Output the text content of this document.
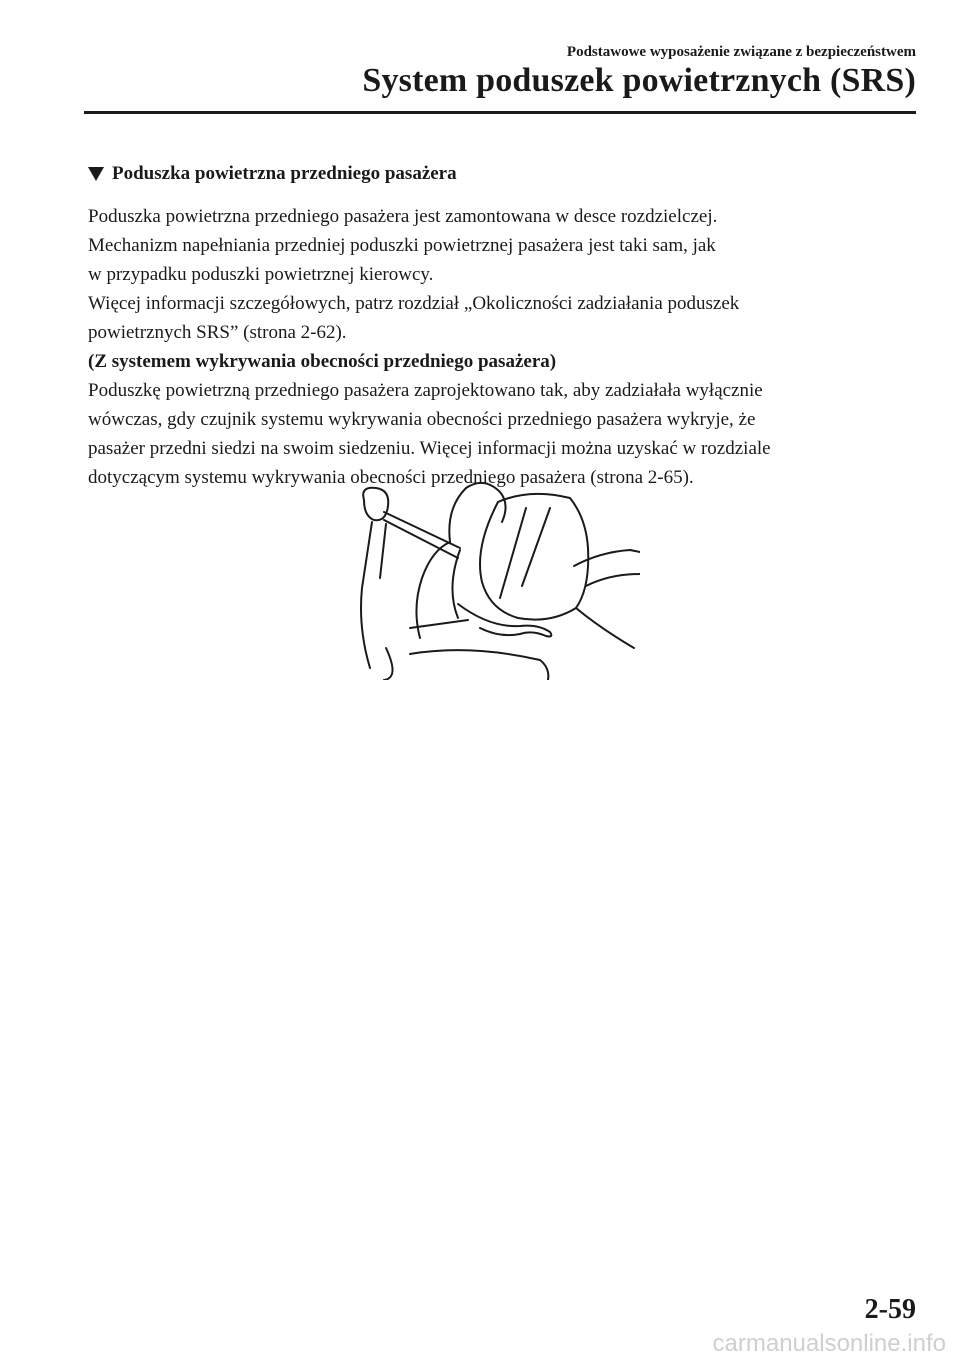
Podstawowe wyposażenie związane z bezpieczeństwem
System poduszek powietrznych (SRS)
Poduszka powietrzna przedniego pasażera

Poduszka powietrzna przedniego pasażera jest zamontowana w desce rozdzielczej.

Mechanizm napełniania przedniej poduszki powietrznej pasażera jest taki sam, jak

w przypadku poduszki powietrznej kierowcy.

Więcej informacji szczegółowych, patrz rozdział „Okoliczności zadziałania poduszek

powietrznych SRS” (strona 2-62).

(Z systemem wykrywania obecności przedniego pasażera)

Poduszkę powietrzną przedniego pasażera zaprojektowano tak, aby zadziałała wyłącznie

wówczas, gdy czujnik systemu wykrywania obecności przedniego pasażera wykryje, że

pasażer przedni siedzi na swoim siedzeniu. Więcej informacji można uzyskać w rozdziale

dotyczącym systemu wykrywania obecności przedniego pasażera (strona 2-65).

2-59
carmanualsonline.info
